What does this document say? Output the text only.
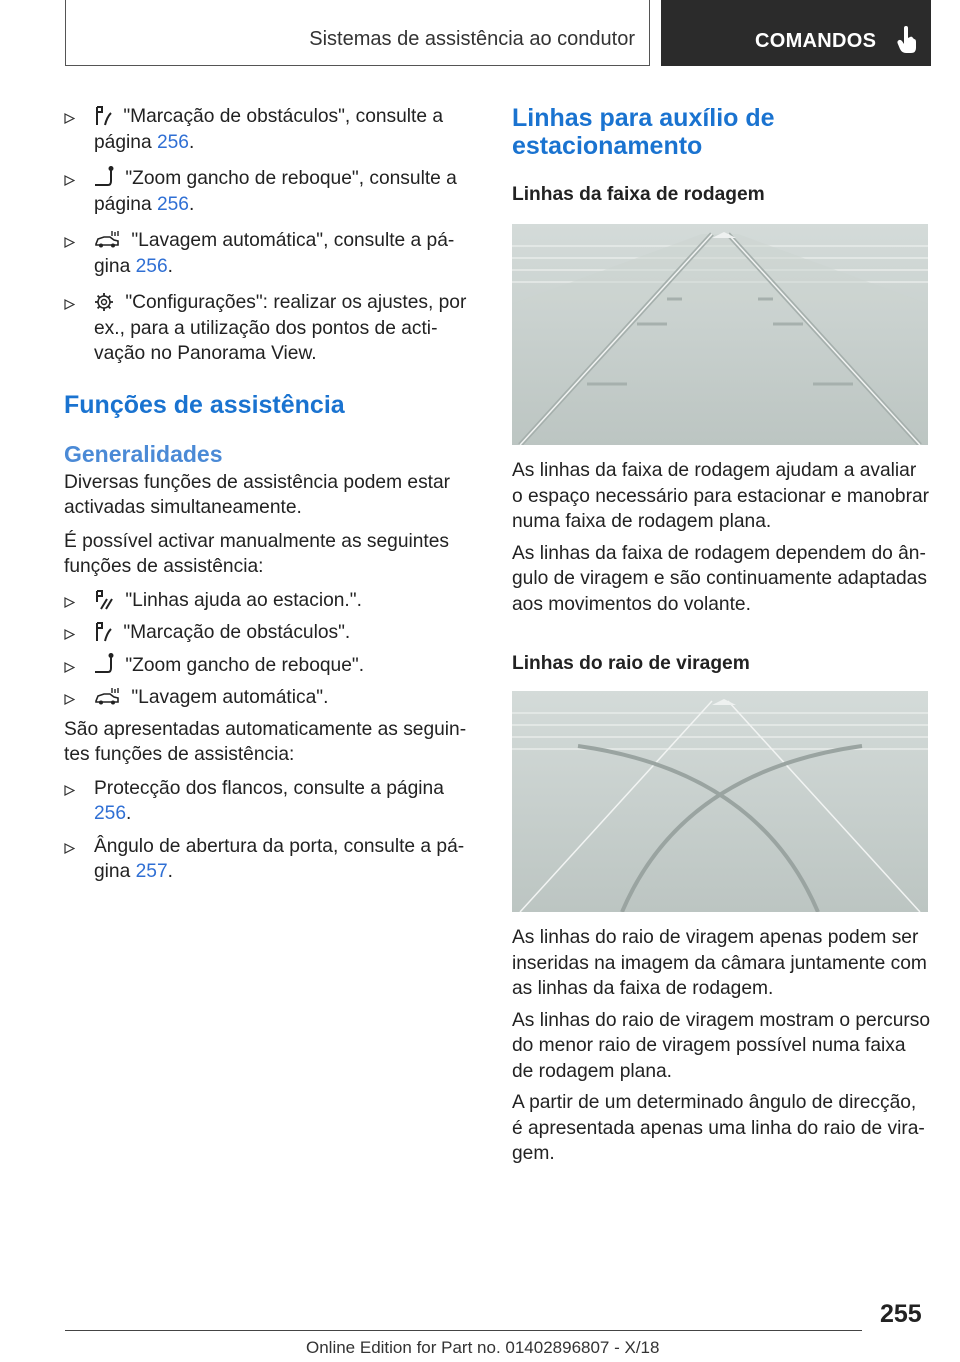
Sistemas de assistência ao condutor	COMANDOS
"Marcação de obstáculos", consulte a página 256.
"Zoom gancho de reboque", consulte a página 256.
"Lavagem automática", consulte a página 256.
"Configurações": realizar os ajustes, por ex., para a utilização dos pontos de activação no Panorama View.
Funções de assistência
Generalidades

Diversas funções de assistência podem estar activadas simultaneamente.

É possível activar manualmente as seguintes funções de assistência:

"Linhas ajuda ao estacion.".
"Marcação de obstáculos".
"Zoom gancho de reboque".
"Lavagem automática".

São apresentadas automaticamente as seguintes funções de assistência:

Protecção dos flancos, consulte a página 256.
Ângulo de abertura da porta, consulte a página 257.
Linhas para auxílio de estacionamento
Linhas da faixa de rodagem

As linhas da faixa de rodagem ajudam a avaliar o espaço necessário para estacionar e manobrar numa faixa de rodagem plana.

As linhas da faixa de rodagem dependem do ângulo de viragem e são continuamente adaptadas aos movimentos do volante.

Linhas do raio de viragem

As linhas do raio de viragem apenas podem ser inseridas na imagem da câmara juntamente com as linhas da faixa de rodagem.

As linhas do raio de viragem mostram o percurso do menor raio de viragem possível numa faixa de rodagem plana.

A partir de um determinado ângulo de direcção, é apresentada apenas uma linha do raio de viragem.

255
Online Edition for Part no. 01402896807 - X/18
